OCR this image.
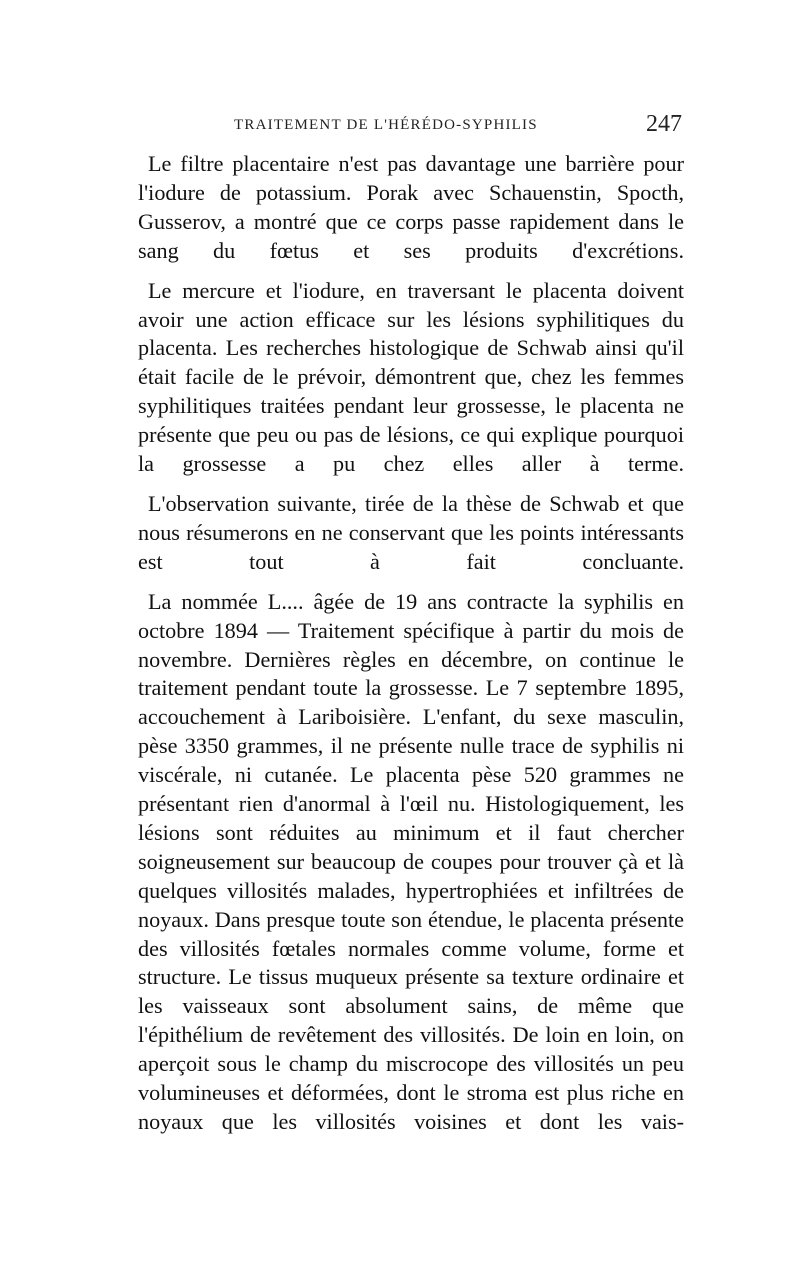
TRAITEMENT DE L'HÉRÉDO-SYPHILIS	247

Le filtre placentaire n'est pas davantage une barrière pour l'iodure de potassium. Porak avec Schauenstin, Spocth, Gusserov, a montré que ce corps passe rapidement dans le sang du fœtus et ses produits d'excrétions.

Le mercure et l'iodure, en traversant le placenta doivent avoir une action efficace sur les lésions syphilitiques du placenta. Les recherches histologique de Schwab ainsi qu'il était facile de le prévoir, démontrent que, chez les femmes syphilitiques traitées pendant leur grossesse, le placenta ne présente que peu ou pas de lésions, ce qui explique pourquoi la grossesse a pu chez elles aller à terme.

L'observation suivante, tirée de la thèse de Schwab et que nous résumerons en ne conservant que les points intéressants est tout à fait concluante.

La nommée L.... âgée de 19 ans contracte la syphilis en octobre 1894 — Traitement spécifique à partir du mois de novembre. Dernières règles en décembre, on continue le traitement pendant toute la grossesse. Le 7 septembre 1895, accouchement à Lariboisière. L'enfant, du sexe masculin, pèse 3350 grammes, il ne présente nulle trace de syphilis ni viscérale, ni cutanée. Le placenta pèse 520 grammes ne présentant rien d'anormal à l'œil nu. Histologiquement, les lésions sont réduites au minimum et il faut chercher soigneusement sur beaucoup de coupes pour trouver çà et là quelques villosités malades, hypertrophiées et infiltrées de noyaux. Dans presque toute son étendue, le placenta présente des villosités fœtales normales comme volume, forme et structure. Le tissus muqueux présente sa texture ordinaire et les vaisseaux sont absolument sains, de même que l'épithélium de revêtement des villosités. De loin en loin, on aperçoit sous le champ du miscrocope des villosités un peu volumineuses et déformées, dont le stroma est plus riche en noyaux que les villosités voisines et dont les vais-
